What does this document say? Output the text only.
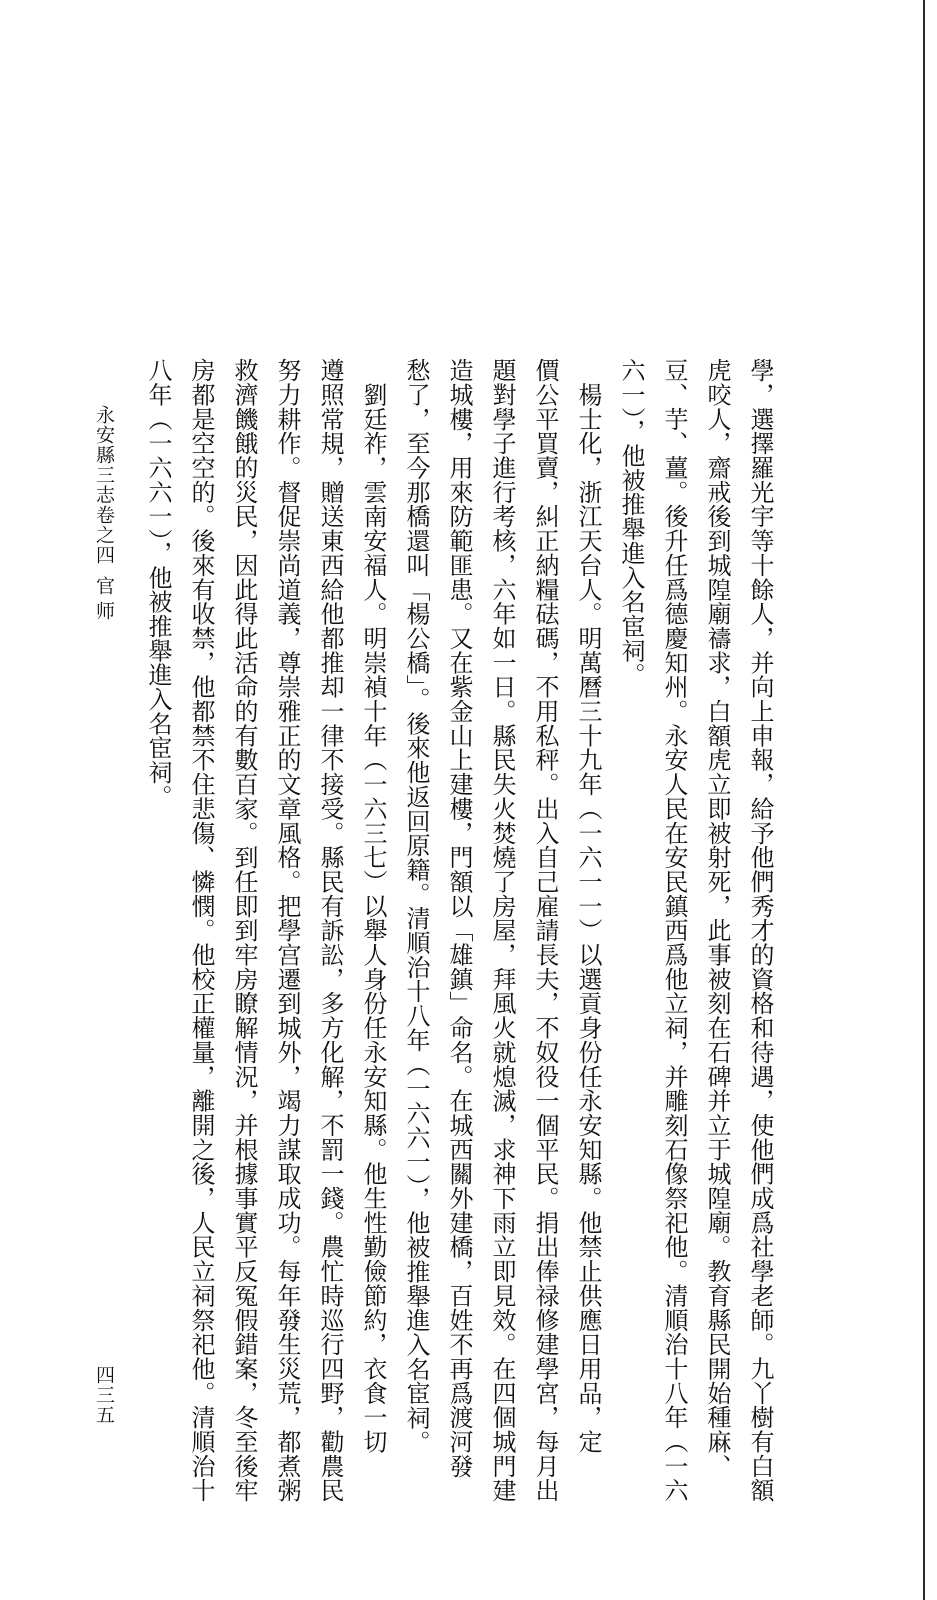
學，選擇羅光宇等十餘人，并向上申報，給予他們秀才的資格和待遇，使他們成爲社學老師。九丫樹有白額
虎咬人，齋戒後到城隍廟禱求，白額虎立即被射死，此事被刻在石碑并立于城隍廟。教育縣民開始種麻、
豆、芋、薑。後升任爲德慶知州。永安人民在安民鎮西爲他立祠，并雕刻石像祭祀他。清順治十八年（一六
六一），他被推舉進入名宦祠。
　楊士化，浙江天台人。明萬曆三十九年（一六一一）以選貢身份任永安知縣。他禁止供應日用品，定
價公平買賣，糾正納糧砝碼，不用私秤。出入自己雇請長夫，不奴役一個平民。捐出俸禄修建學宮，每月出
題對學子進行考核，六年如一日。縣民失火焚燒了房屋，拜風火就熄滅，求神下雨立即見效。在四個城門建
造城樓，用來防範匪患。又在紫金山上建樓，門額以「雄鎮」命名。在城西關外建橋，百姓不再爲渡河發
愁了，至今那橋還叫「楊公橋」。後來他返回原籍。清順治十八年（一六六一），他被推舉進入名宦祠。
　劉廷祚，雲南安福人。明崇禎十年（一六三七）以舉人身份任永安知縣。他生性勤儉節約，衣食一切
遵照常規，贈送東西給他都推却一律不接受。縣民有訴訟，多方化解，不罰一錢。農忙時巡行四野，勸農民
努力耕作。督促崇尚道義，尊崇雅正的文章風格。把學宫遷到城外，竭力謀取成功。每年發生災荒，都煮粥
救濟饑餓的災民，因此得此活命的有數百家。到任即到牢房瞭解情況，并根據事實平反冤假錯案，冬至後牢
房都是空空的。後來有收禁，他都禁不住悲傷、憐憫。他校正權量，離開之後，人民立祠祭祀他。清順治十
八年（一六六一），他被推舉進入名宦祠。
永安縣三志卷之四
官师
四三五
